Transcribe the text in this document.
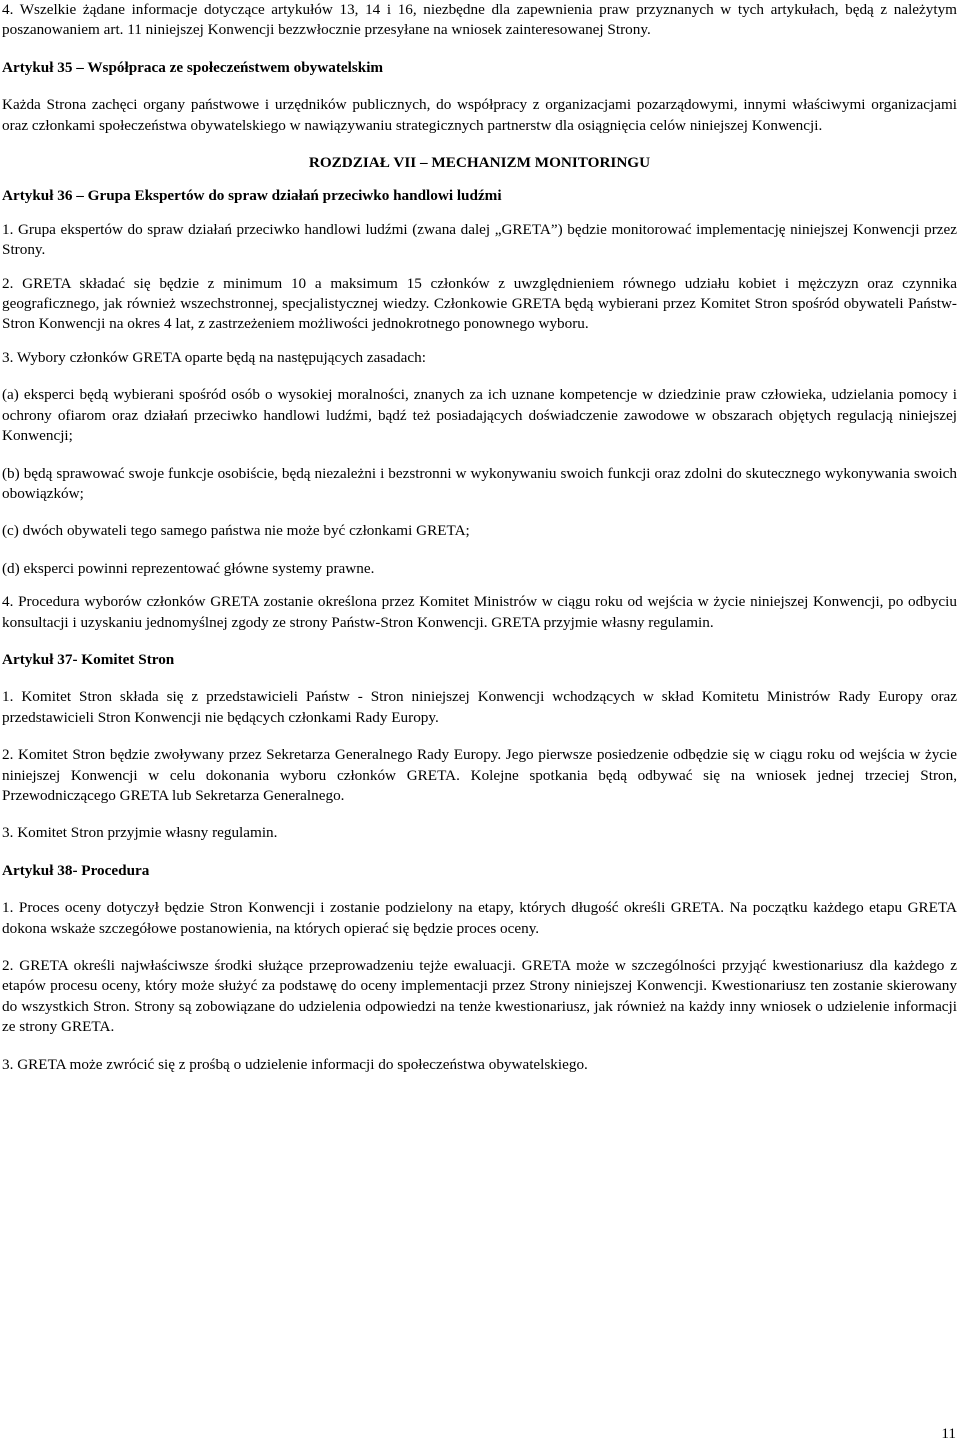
4. Wszelkie żądane informacje dotyczące artykułów 13, 14 i 16, niezbędne dla zapewnienia praw przyznanych w tych artykułach, będą z należytym poszanowaniem art. 11 niniejszej Konwencji bezzwłocznie przesyłane na wniosek zainteresowanej Strony.

Artykuł 35 – Współpraca ze społeczeństwem obywatelskim

Każda Strona zachęci organy państwowe i urzędników publicznych, do współpracy z organizacjami pozarządowymi, innymi właściwymi organizacjami oraz członkami społeczeństwa obywatelskiego w nawiązywaniu strategicznych partnerstw dla osiągnięcia celów niniejszej Konwencji.

ROZDZIAŁ VII – MECHANIZM MONITORINGU

Artykuł 36 – Grupa Ekspertów do spraw działań przeciwko handlowi ludźmi

1. Grupa ekspertów do spraw działań przeciwko handlowi ludźmi (zwana dalej „GRETA”) będzie monitorować implementację niniejszej Konwencji przez Strony.

2. GRETA składać się będzie z minimum 10 a maksimum 15 członków z uwzględnieniem równego udziału kobiet i mężczyzn oraz czynnika geograficznego, jak również wszechstronnej, specjalistycznej wiedzy. Członkowie GRETA będą wybierani przez Komitet Stron spośród obywateli Państw-Stron Konwencji na okres 4 lat, z zastrzeżeniem możliwości jednokrotnego ponownego wyboru.

3. Wybory członków GRETA oparte będą na następujących zasadach:

(a) eksperci będą wybierani spośród osób o wysokiej moralności, znanych za ich uznane kompetencje w dziedzinie praw człowieka, udzielania pomocy i ochrony ofiarom oraz działań przeciwko handlowi ludźmi, bądź też posiadających doświadczenie zawodowe w obszarach objętych regulacją niniejszej Konwencji;

(b) będą sprawować swoje funkcje osobiście, będą niezależni i bezstronni w wykonywaniu swoich funkcji oraz zdolni do skutecznego wykonywania swoich obowiązków;

(c) dwóch obywateli tego samego państwa nie może być członkami GRETA;

(d) eksperci powinni reprezentować główne systemy prawne.

4. Procedura wyborów członków GRETA zostanie określona przez Komitet Ministrów w ciągu roku od wejścia w życie niniejszej Konwencji, po odbyciu konsultacji i uzyskaniu jednomyślnej zgody ze strony Państw-Stron Konwencji. GRETA przyjmie własny regulamin.

Artykuł 37- Komitet Stron

1. Komitet Stron składa się z przedstawicieli Państw - Stron niniejszej Konwencji wchodzących w skład Komitetu Ministrów Rady Europy oraz przedstawicieli Stron Konwencji nie będących członkami Rady Europy.

2. Komitet Stron będzie zwoływany przez Sekretarza Generalnego Rady Europy. Jego pierwsze posiedzenie odbędzie się w ciągu roku od wejścia w życie niniejszej Konwencji w celu dokonania wyboru członków GRETA. Kolejne spotkania będą odbywać się na wniosek jednej trzeciej Stron, Przewodniczącego GRETA lub Sekretarza Generalnego.

3. Komitet Stron przyjmie własny regulamin.

Artykuł 38- Procedura

1. Proces oceny dotyczył będzie Stron Konwencji i zostanie podzielony na etapy, których długość określi GRETA. Na początku każdego etapu GRETA dokona wskaże szczegółowe postanowienia, na których opierać się będzie proces oceny.

2. GRETA określi najwłaściwsze środki służące przeprowadzeniu tejże ewaluacji. GRETA może w szczególności przyjąć kwestionariusz dla każdego z etapów procesu oceny, który może służyć za podstawę do oceny implementacji przez Strony niniejszej Konwencji. Kwestionariusz ten zostanie skierowany do wszystkich Stron. Strony są zobowiązane do udzielenia odpowiedzi na tenże kwestionariusz, jak również na każdy inny wniosek o udzielenie informacji ze strony GRETA.

3. GRETA może zwrócić się z prośbą o udzielenie informacji do społeczeństwa obywatelskiego.

11
